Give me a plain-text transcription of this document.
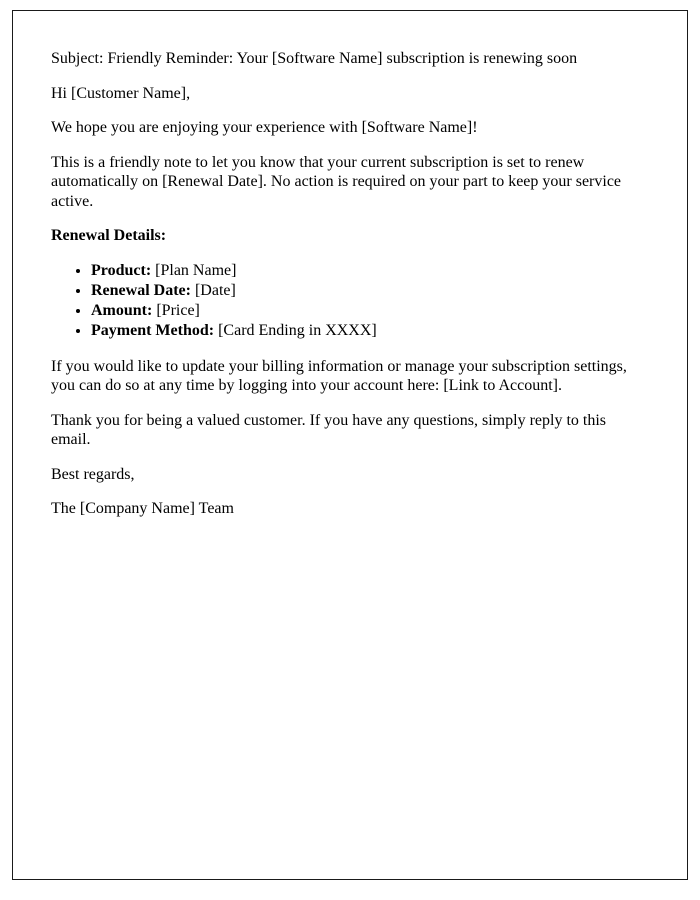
Subject: Friendly Reminder: Your [Software Name] subscription is renewing soon

Hi [Customer Name],

We hope you are enjoying your experience with [Software Name]!

This is a friendly note to let you know that your current subscription is set to renew automatically on [Renewal Date]. No action is required on your part to keep your service active.

Renewal Details:

• Product: [Plan Name]
• Renewal Date: [Date]
• Amount: [Price]
• Payment Method: [Card Ending in XXXX]

If you would like to update your billing information or manage your subscription settings, you can do so at any time by logging into your account here: [Link to Account].

Thank you for being a valued customer. If you have any questions, simply reply to this email.

Best regards,

The [Company Name] Team
